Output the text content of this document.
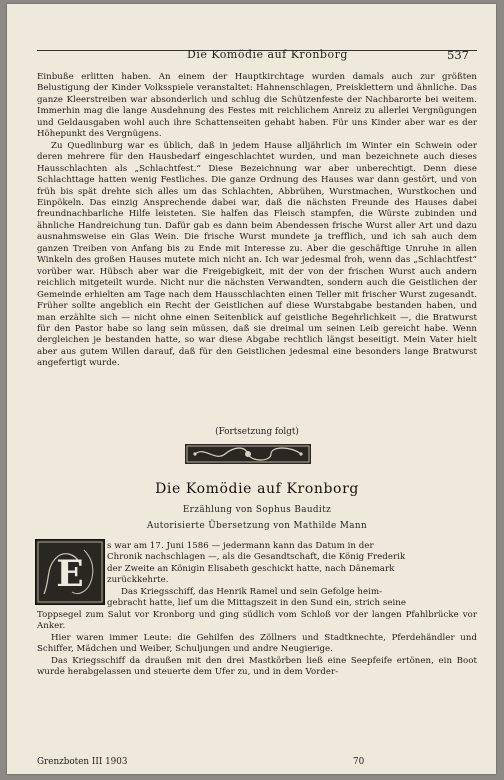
Die Komödie auf Kronborg	537

Einbuße erlitten haben. An einem der Hauptkirchtage wurden damals auch zur größten Belustigung der Kinder Volksspiele veranstaltet: Hahnenschlagen, Preisklettern und ähnliche. Das ganze Kleerstreiben war absonderlich und schlug die Schützenfeste der Nachbarorte bei weitem. Immerhin mag die lange Ausdehnung des Festes mit reichlichem Anreiz zu allerlei Vergnügungen und Geldausgaben wohl auch ihre Schattenseiten gehabt haben. Für uns Kinder aber war es der Höhepunkt des Vergnügens.

Zu Quedlinburg war es üblich, daß in jedem Hause alljährlich im Winter ein Schwein oder deren mehrere für den Hausbedarf eingeschlachtet wurden, und man bezeichnete auch dieses Hausschlachten als „Schlachtfest.“ Diese Bezeichnung war aber unberechtigt. Denn diese Schlachttage hatten wenig Festliches. Die ganze Ordnung des Hauses war dann gestört, und von früh bis spät drehte sich alles um das Schlachten, Abbrühen, Wurstmachen, Wurstkochen und Einpökeln. Das einzig Ansprechende dabei war, daß die nächsten Freunde des Hauses dabei freundnachbarliche Hilfe leisteten. Sie halfen das Fleisch stampfen, die Würste zubinden und ähnliche Handreichung tun. Dafür gab es dann beim Abendessen frische Wurst aller Art und dazu ausnahmsweise ein Glas Wein. Die frische Wurst mundete ja trefflich, und ich sah auch dem ganzen Treiben von Anfang bis zu Ende mit Interesse zu. Aber die geschäftige Unruhe in allen Winkeln des großen Hauses mutete mich nicht an. Ich war jedesmal froh, wenn das „Schlachtfest“ vorüber war. Hübsch aber war die Freigebigkeit, mit der von der frischen Wurst auch andern reichlich mitgeteilt wurde. Nicht nur die nächsten Verwandten, sondern auch die Geistlichen der Gemeinde erhielten am Tage nach dem Hausschlachten einen Teller mit frischer Wurst zugesandt. Früher sollte angeblich ein Recht der Geistlichen auf diese Wurstabgabe bestanden haben, und man erzählte sich — nicht ohne einen Seitenblick auf geistliche Begehrlichkeit —, die Bratwurst für den Pastor habe so lang sein müssen, daß sie dreimal um seinen Leib gereicht habe. Wenn dergleichen je bestanden hatte, so war diese Abgabe rechtlich längst beseitigt. Mein Vater hielt aber aus gutem Willen darauf, daß für den Geistlichen jedesmal eine besonders lange Bratwurst angefertigt wurde.

(Fortsetzung folgt)
Die Komödie auf Kronborg
Erzählung von Sophus Bauditz
Autorisierte Übersetzung von Mathilde Mann
E
s war am 17. Juni 1586 — jedermann kann das Datum in der
Chronik nachschlagen —, als die Gesandtschaft, die König Frederik
der Zweite an Königin Elisabeth geschickt hatte, nach Dänemark
zurückkehrte.
Das Kriegsschiff, das Henrik Ramel und sein Gefolge heim-
gebracht hatte, lief um die Mittagszeit in den Sund ein, strich seine

Toppsegel zum Salut vor Kronborg und ging südlich vom Schloß vor der langen Pfahlbrücke vor Anker.

Hier waren immer Leute: die Gehilfen des Zöllners und Stadtknechte, Pferdehändler und Schiffer, Mädchen und Weiber, Schuljungen und andre Neugierige.

Das Kriegsschiff da draußen mit den drei Mastkörben ließ eine Seepfeife ertönen, ein Boot wurde herabgelassen und steuerte dem Ufer zu, und in dem Vorder-

Grenzboten III 1903	70
